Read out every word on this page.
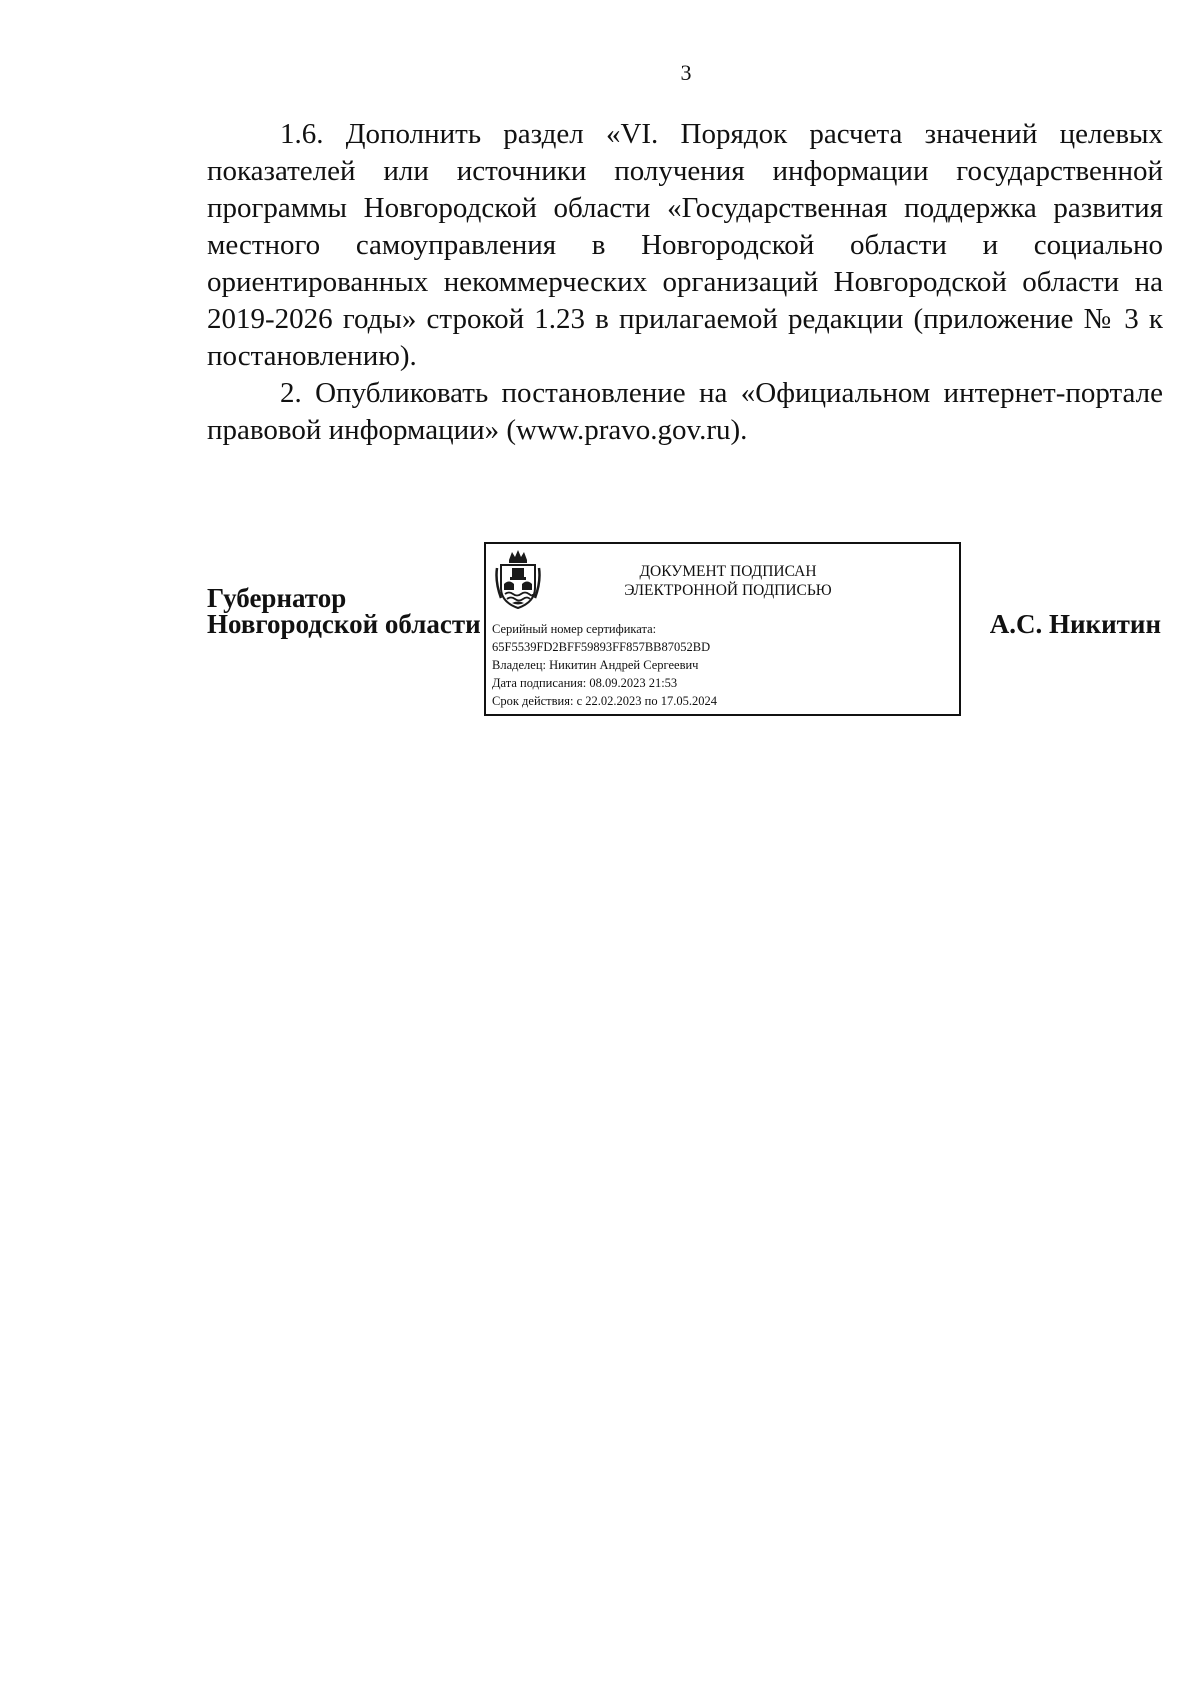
3

1.6. Дополнить раздел «VI. Порядок расчета значений целевых показателей или источники получения информации государственной программы Новгородской области «Государственная поддержка развития местного самоуправления в Новгородской области и социально ориентированных некоммерческих организаций Новгородской области на 2019-2026 годы» строкой 1.23 в прилагаемой редакции (приложение № 3 к постановлению).

2. Опубликовать постановление на «Официальном интернет-портале правовой информации» (www.pravo.gov.ru).

Губернатор
Новгородской области
ДОКУМЕНТ ПОДПИСАН
ЭЛЕКТРОННОЙ ПОДПИСЬЮ
Серийный номер сертификата:
65F5539FD2BFF59893FF857BB87052BD
Владелец: Никитин Андрей Сергеевич
Дата подписания: 08.09.2023 21:53
Срок действия: с 22.02.2023 по 17.05.2024
А.С. Никитин
